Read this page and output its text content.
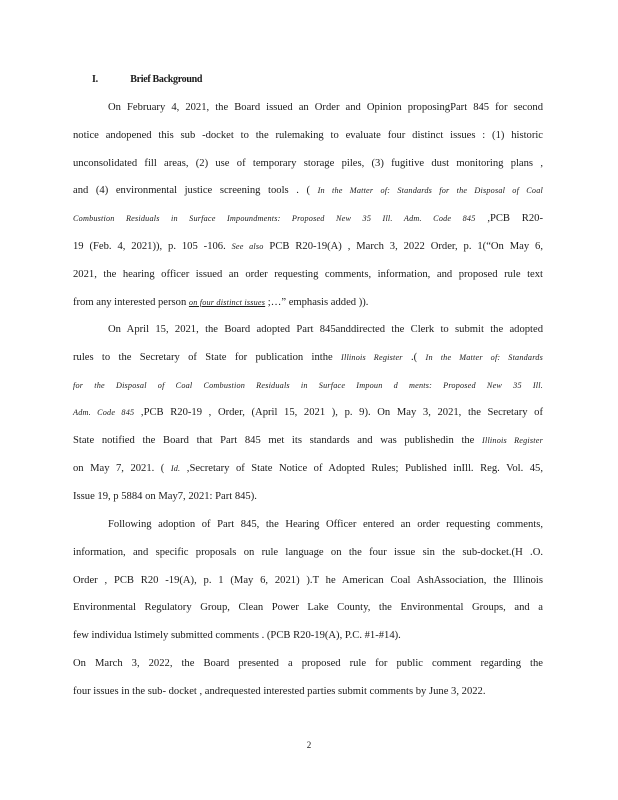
I.	Brief Background
On February 4, 2021, the Board issued an Order and Opinion proposingPart 845 for second
notice andopened this sub -docket to the rulemaking to evaluate four distinct issues : (1) historic
unconsolidated fill areas, (2) use of temporary storage piles, (3) fugitive dust monitoring plans ,
and (4) environmental justice screening tools . ( In the Matter of: Standards for the Disposal of Coal
Combustion Residuals in Surface Impoundments: Proposed New 35 Ill. Adm. Code 845 ,PCB R20-
19 (Feb. 4, 2021)), p. 105 -106. See also PCB R20-19(A) , March 3, 2022 Order, p. 1(“On May 6,
2021, the hearing officer issued an order requesting comments, information, and proposed rule text
from any interested person on four distinct issues ;…” emphasis added )).
On April 15, 2021, the Board adopted Part 845anddirected the Clerk to submit the adopted
rules to the Secretary of State for publication inthe Illinois Register .( In the Matter of: Standards
for the Disposal of Coal Combustion Residuals in Surface Impoun d ments: Proposed New 35 Ill.
Adm. Code 845 ,PCB R20-19 , Order, (April 15, 2021 ), p. 9). On May 3, 2021, the Secretary of
State notified the Board that Part 845 met its standards and was publishedin the Illinois Register
on May 7, 2021. ( Id. ,Secretary of State Notice of Adopted Rules; Published inIll. Reg. Vol. 45,
Issue 19, p 5884 on May7, 2021: Part 845).
Following adoption of Part 845, the Hearing Officer entered an order requesting comments,
information, and specific proposals on rule language on the four issue sin the sub-docket.(H .O.
Order , PCB R20 -19(A), p. 1 (May 6, 2021) ).T he American Coal AshAssociation, the Illinois
Environmental Regulatory Group, Clean Power Lake County, the Environmental Groups, and a
few individua lstimely submitted comments . (PCB R20-19(A), P.C. #1-#14).
On March 3, 2022, the Board presented a proposed rule for public comment regarding the
four issues in the sub- docket , andrequested interested parties submit comments by June 3, 2022.
2
